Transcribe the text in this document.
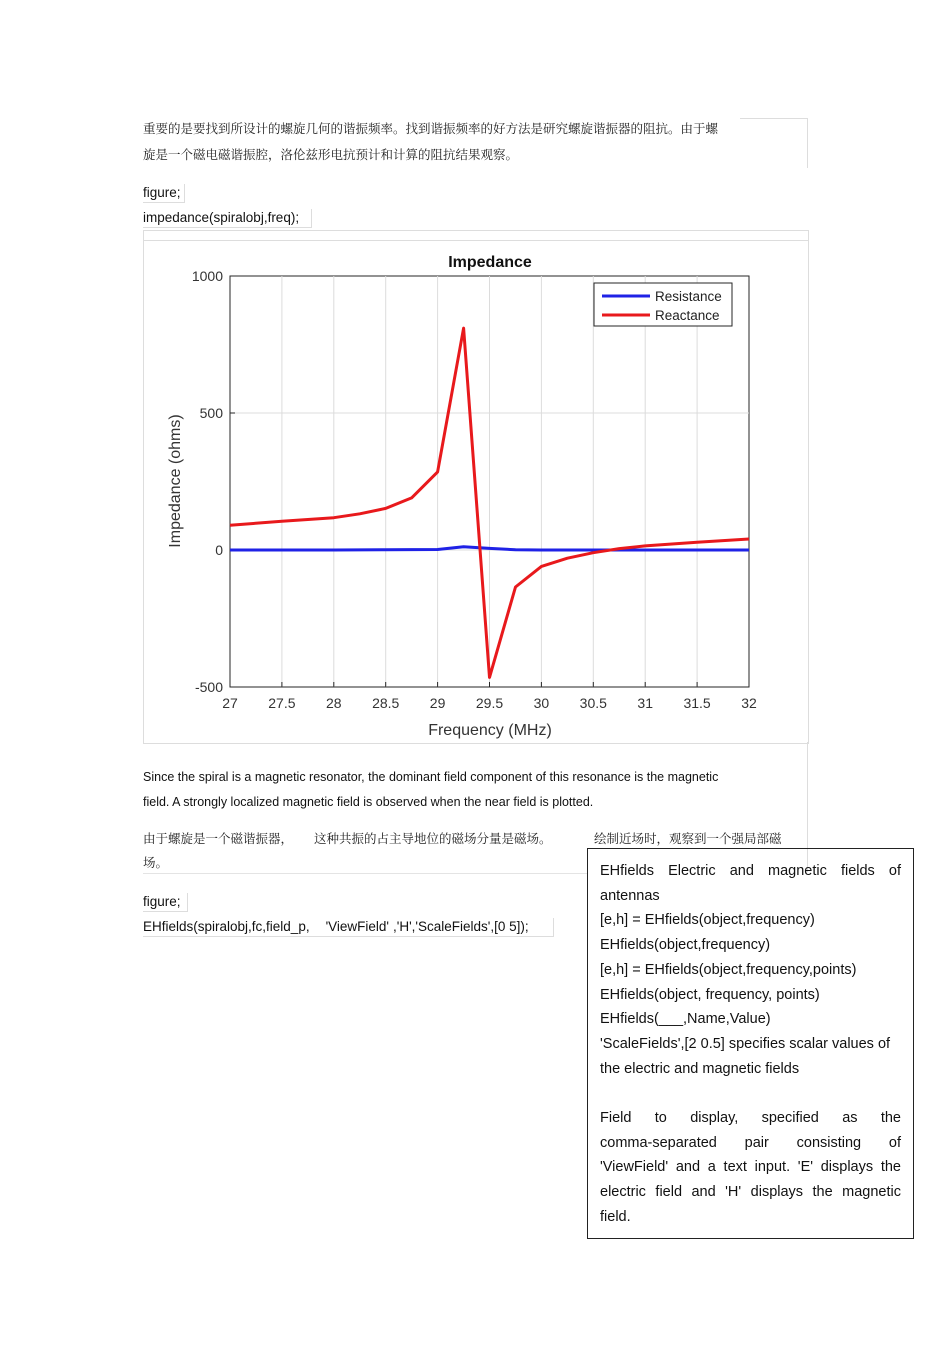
重要的是要找到所设计的螺旋几何的谐振频率。找到谐振频率的好方法是研究螺旋谐振器的阻抗。由于螺
旋是一个磁电磁谐振腔，洛伦兹形电抗预计和计算的阻抗结果观察。
figure;
impedance(spiralobj,freq);
27 27.5 28 28.5 29 29.5 30 30.5 31 31.5 32
1000
500
0
-500
Impedance
Frequency (MHz)
Impedance (ohms)
Resistance
Reactance
Since the spiral is a magnetic resonator, the dominant field component of this resonance is the magnetic
field. A strongly localized magnetic field is observed when the near field is plotted.
由于螺旋是一个磁谐振器， 这种共振的占主导地位的磁场分量是磁场。	绘制近场时，观察到一个强局部磁
场。
figure;
EHfields(spiralobj,fc,field_p, 'ViewField' ,'H','ScaleFields',[0 5]);

EHfields Electric and magnetic fields of

antennas

[e,h] = EHfields(object,frequency)

EHfields(object,frequency)

[e,h] = EHfields(object,frequency,points)

EHfields(object, frequency, points)

EHfields(___,Name,Value)

'ScaleFields',[2 0.5] specifies scalar values of

the electric and magnetic fields

Field to display, specified as the

comma-separated pair consisting of

'ViewField' and a text input. 'E' displays the

electric field and 'H' displays the magnetic

field.
